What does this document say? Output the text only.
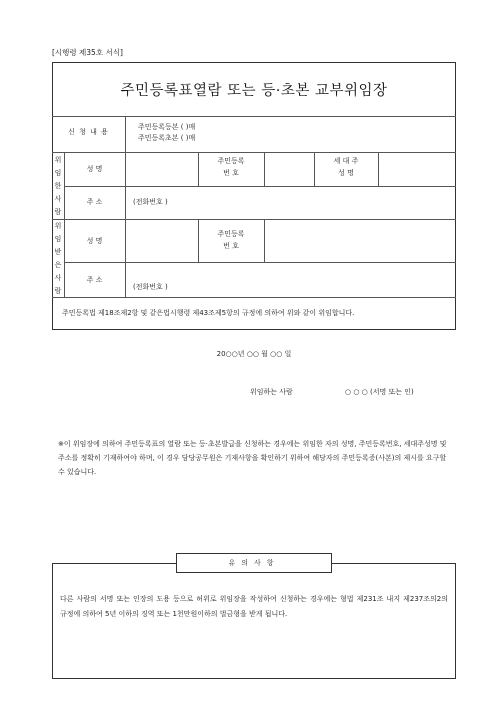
[시행령 제35호 서식]
주민등록표열람 또는 등·초본 교부위임장
신 청 내 용
주민등록등본 ( )매
주민등록초본 ( )매
위
임
한
사
람
성 명
주민등록
번 호
세 대 주
성 명
주 소	(전화번호 )
위
임
받
은
사
람
성 명
주민등록
번 호
주 소
(전화번호 )
주민등록법 제18조제2항 및 같은법시행령 제43조제5항의 규정에 의하여 위와 같이 위임합니다.
20○○년 ○○ 월 ○○ 일
위임하는 사람	○ ○ ○ (서명 또는 인)
※이 위임장에 의하여 주민등록표의 열람 또는 등·초본발급을 신청하는 경우에는 위임한 자의 성명, 주민등록번호, 세대주성명 및 주소를 정확히 기재하여야 하며, 이 경우 담당공무원은 기재사항을 확인하기 위하여 해당자의 주민등록증(사본)의 제시를 요구할 수 있습니다.
유의사항
다른 사람의 서명 또는 인장의 도용 등으로 허위로 위임장을 작성하여 신청하는 경우에는 형법 제231조 내지 제237조의2의 규정에 의하여 5년 이하의 징역 또는 1천만원이하의 벌금형을 받게 됩니다.
